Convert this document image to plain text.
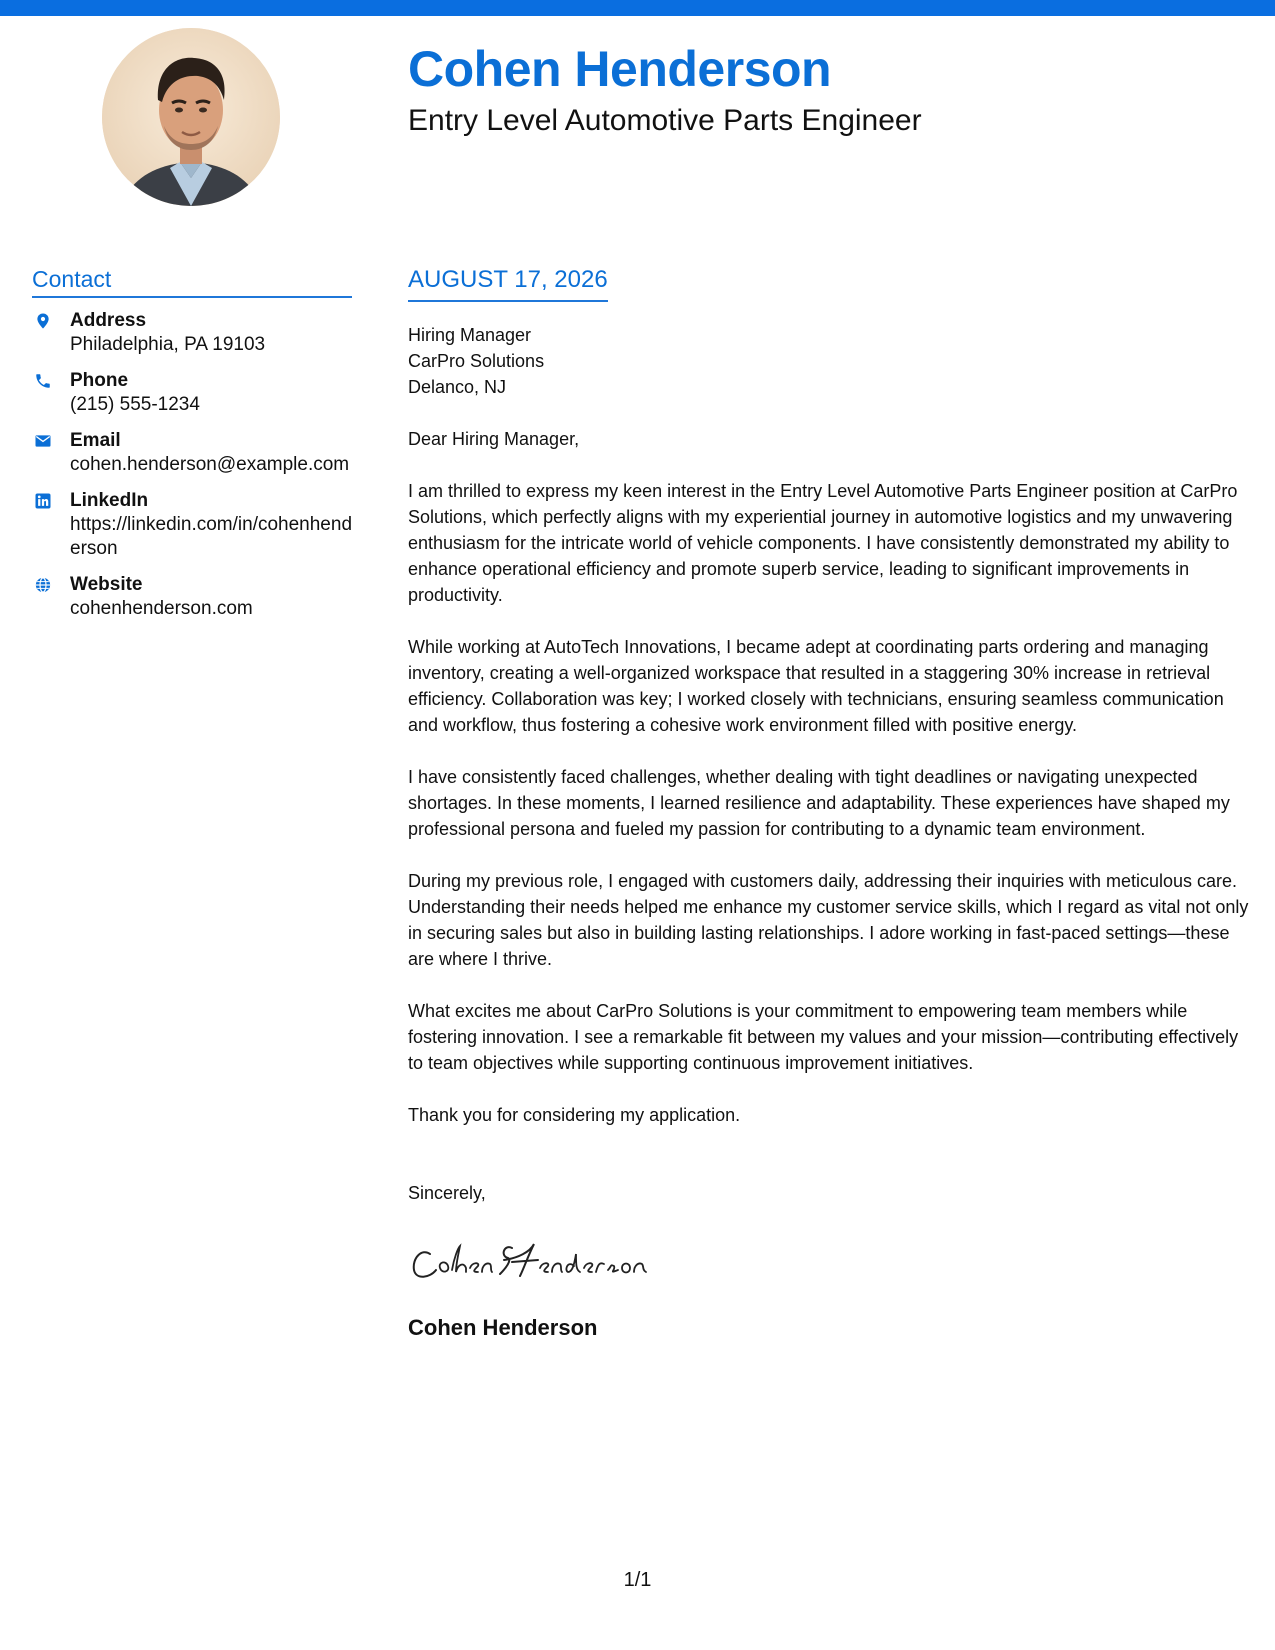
Cohen Henderson
Entry Level Automotive Parts Engineer
Contact
Address
Philadelphia, PA 19103
Phone
(215) 555-1234
Email
cohen.henderson@example.com
LinkedIn
https://linkedin.com/in/cohenhenderson
Website
cohenhenderson.com
AUGUST 17, 2026
Hiring Manager
CarPro Solutions
Delanco, NJ
Dear Hiring Manager,

I am thrilled to express my keen interest in the Entry Level Automotive Parts Engineer position at CarPro Solutions, which perfectly aligns with my experiential journey in automotive logistics and my unwavering enthusiasm for the intricate world of vehicle components. I have consistently demonstrated my ability to enhance operational efficiency and promote superb service, leading to significant improvements in productivity.

While working at AutoTech Innovations, I became adept at coordinating parts ordering and managing inventory, creating a well-organized workspace that resulted in a staggering 30% increase in retrieval efficiency. Collaboration was key; I worked closely with technicians, ensuring seamless communication and workflow, thus fostering a cohesive work environment filled with positive energy.

I have consistently faced challenges, whether dealing with tight deadlines or navigating unexpected shortages. In these moments, I learned resilience and adaptability. These experiences have shaped my professional persona and fueled my passion for contributing to a dynamic team environment.

During my previous role, I engaged with customers daily, addressing their inquiries with meticulous care. Understanding their needs helped me enhance my customer service skills, which I regard as vital not only in securing sales but also in building lasting relationships. I adore working in fast-paced settings—these are where I thrive.

What excites me about CarPro Solutions is your commitment to empowering team members while fostering innovation. I see a remarkable fit between my values and your mission—contributing effectively to team objectives while supporting continuous improvement initiatives.

Thank you for considering my application.

Sincerely,
Cohen Henderson
1/1
